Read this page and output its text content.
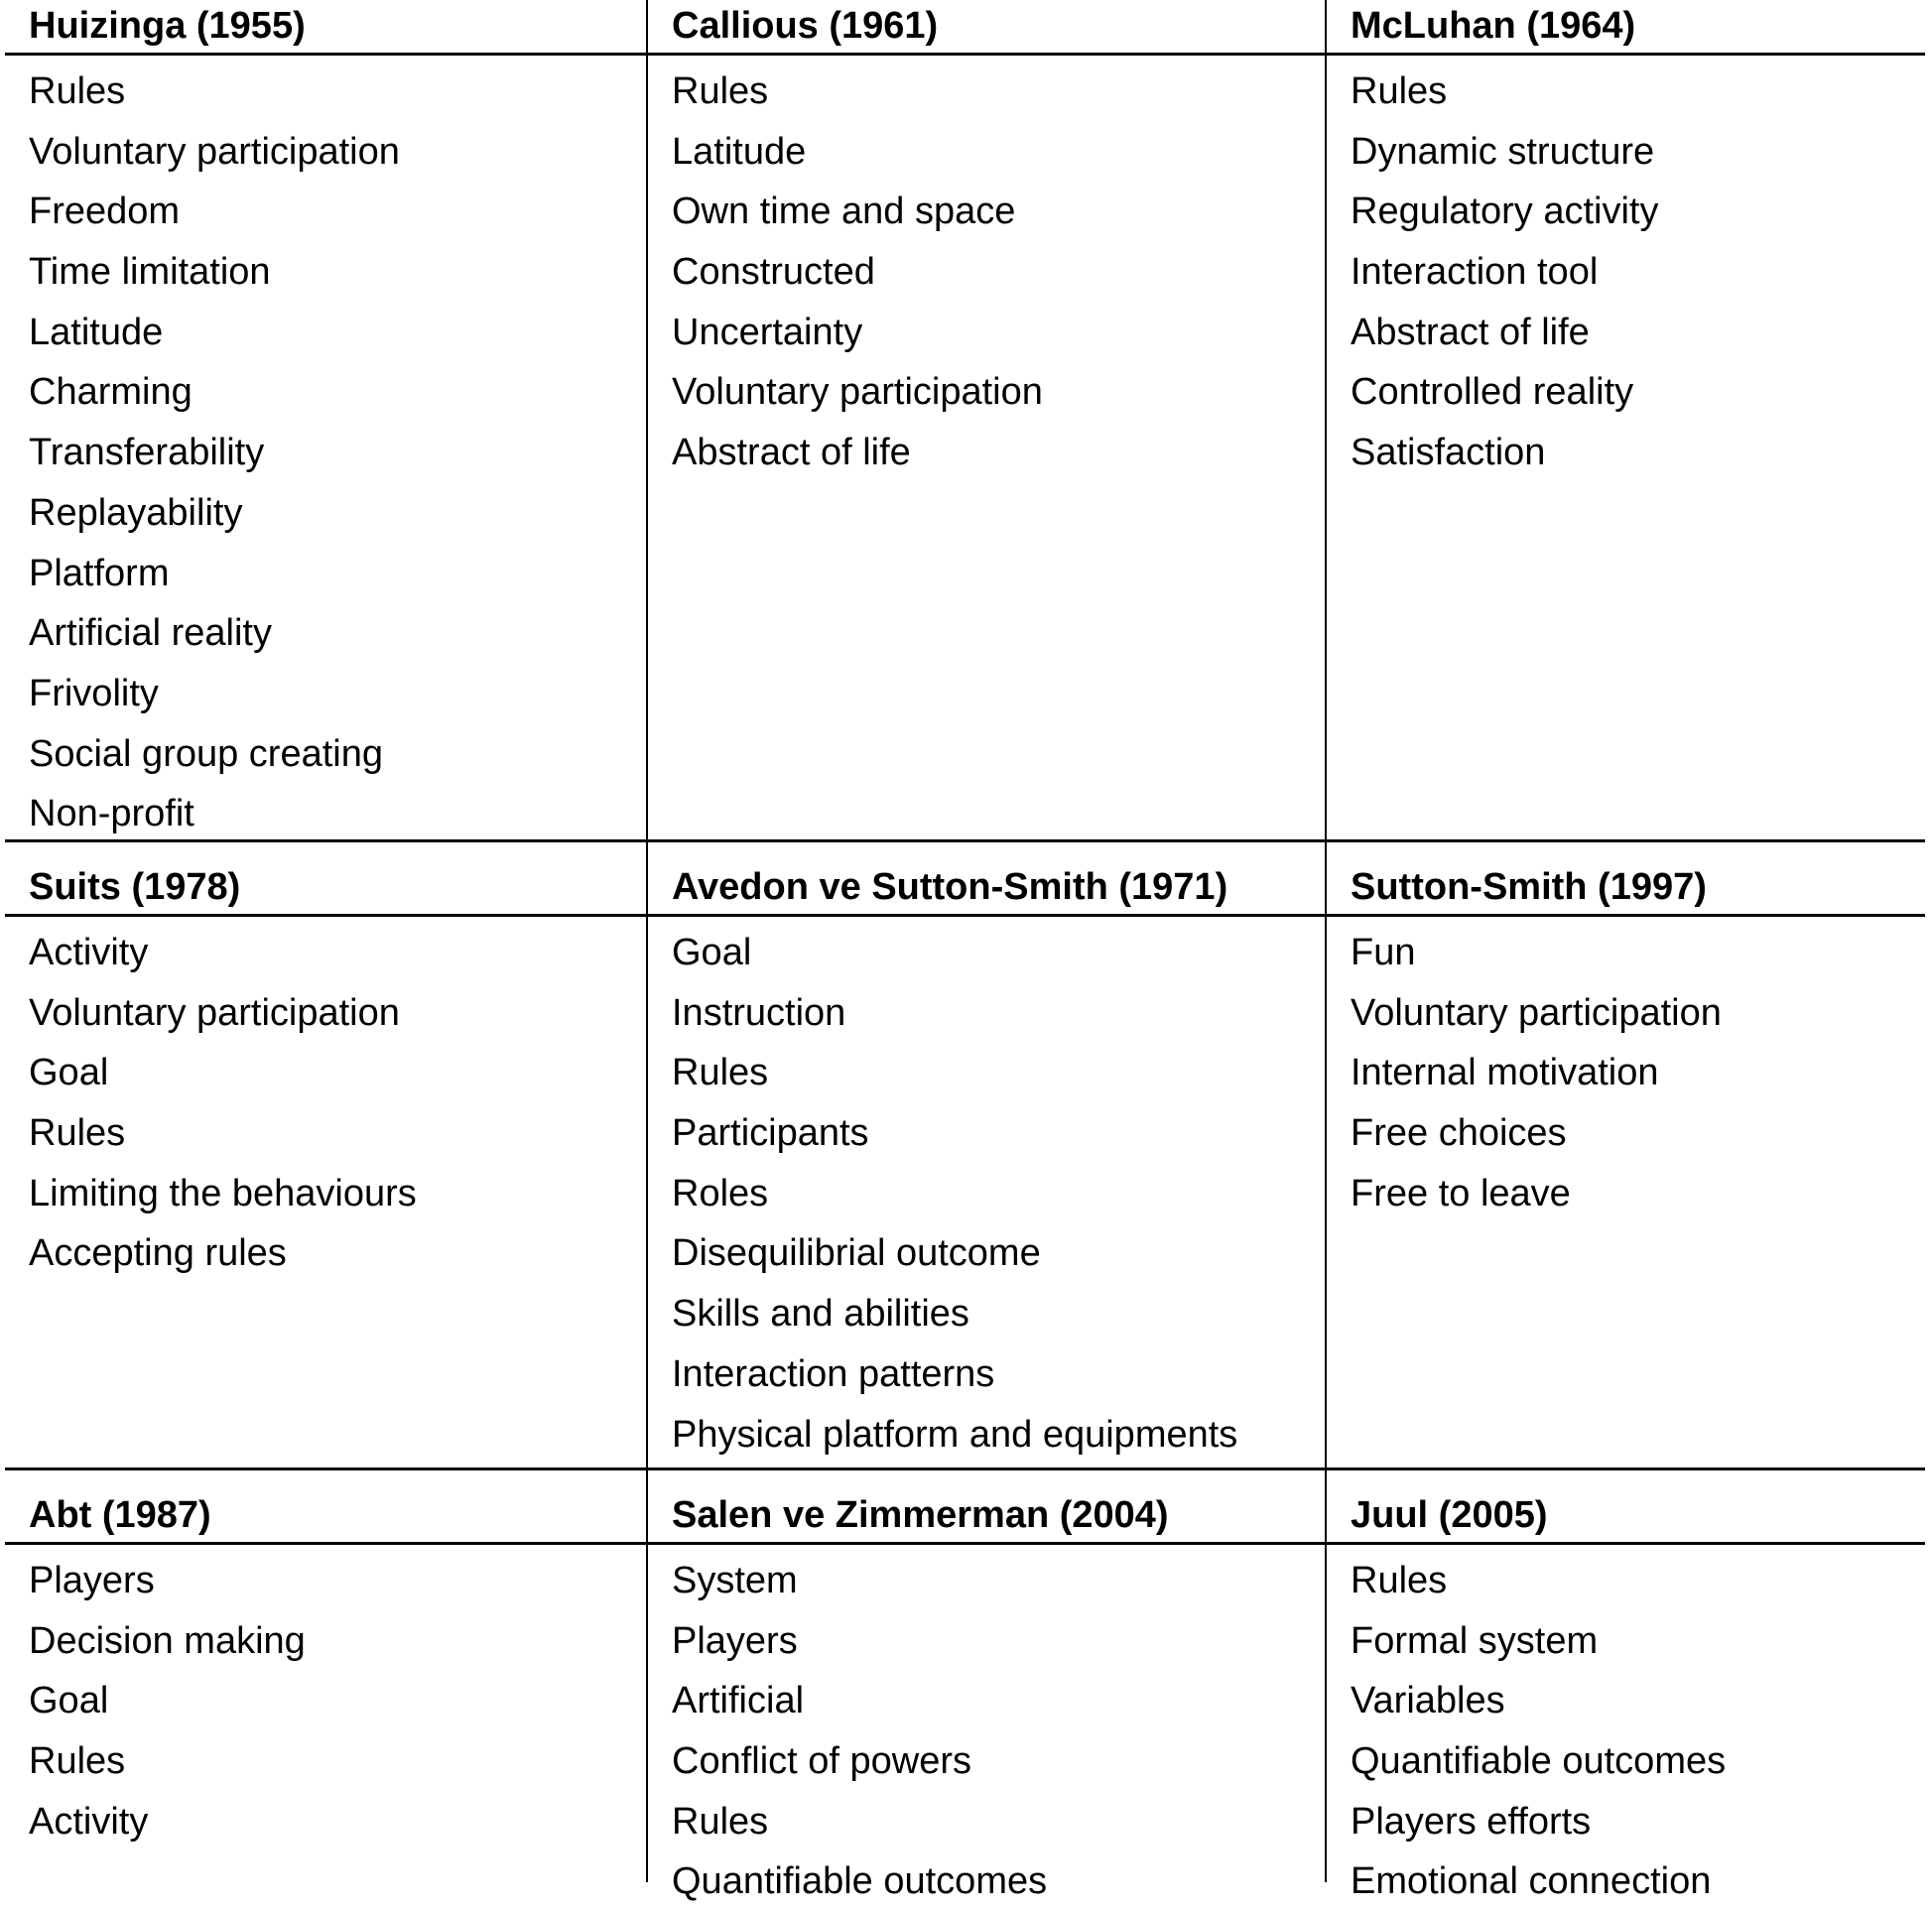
Huizinga (1955)
Rules
Voluntary participation
Freedom
Time limitation
Latitude
Charming
Transferability
Replayability
Platform
Artificial reality
Frivolity
Social group creating
Non-profit
Callious (1961)
Rules
Latitude
Own time and space
Constructed
Uncertainty
Voluntary participation
Abstract of life
McLuhan (1964)
Rules
Dynamic structure
Regulatory activity
Interaction tool
Abstract of life
Controlled reality
Satisfaction
Suits (1978)
Activity
Voluntary participation
Goal
Rules
Limiting the behaviours
Accepting rules
Avedon ve Sutton-Smith (1971)
Goal
Instruction
Rules
Participants
Roles
Disequilibrial outcome
Skills and abilities
Interaction patterns
Physical platform and equipments
Sutton-Smith (1997)
Fun
Voluntary participation
Internal motivation
Free choices
Free to leave
Abt (1987)
Players
Decision making
Goal
Rules
Activity
Salen ve Zimmerman (2004)
System
Players
Artificial
Conflict of powers
Rules
Quantifiable outcomes
Juul (2005)
Rules
Formal system
Variables
Quantifiable outcomes
Players efforts
Emotional connection
